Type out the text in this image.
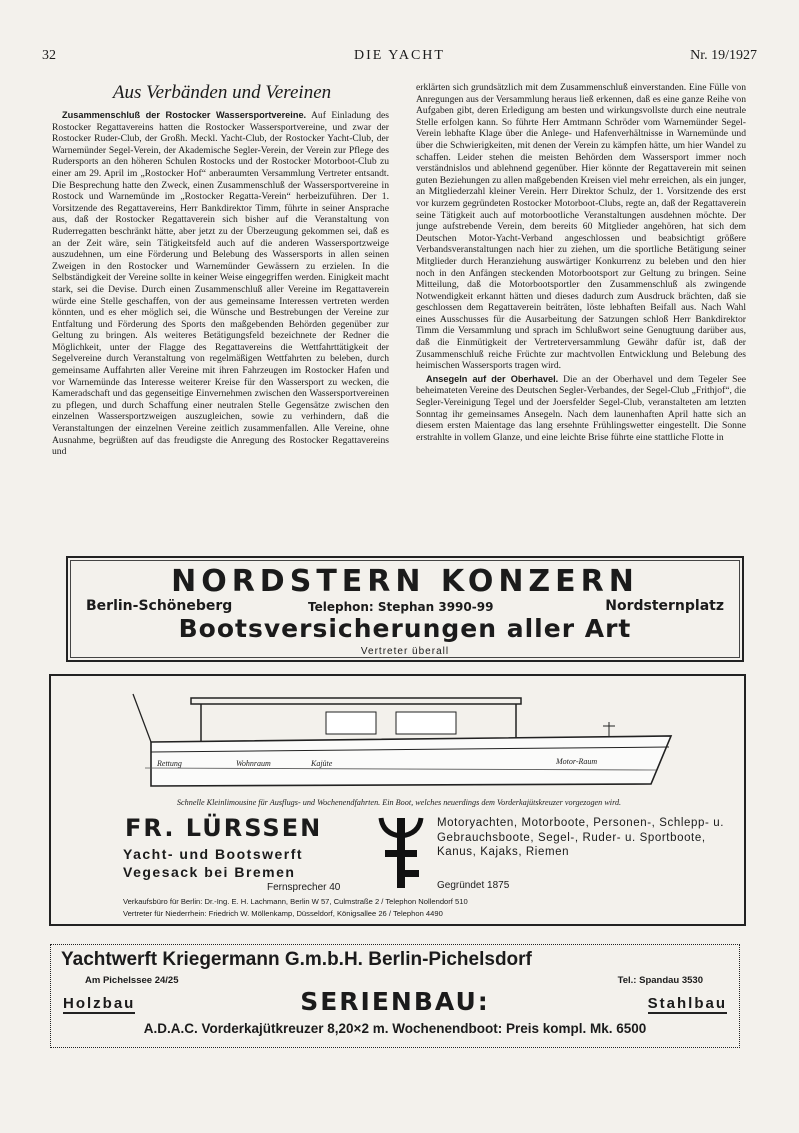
32	DIE YACHT	Nr. 19/1927
Aus Verbänden und Vereinen

Zusammenschluß der Rostocker Wassersportvereine. Auf Einladung des Rostocker Regattavereins hatten die Rostocker Wassersportvereine, und zwar der Rostocker Ruder-Club, der Großh. Meckl. Yacht-Club, der Rostocker Yacht-Club, der Warnemünder Segel-Verein, der Akademische Segler-Verein, der Verein zur Pflege des Rudersports an den höheren Schulen Rostocks und der Rostocker Motorboot-Club zu einer am 29. April im „Rostocker Hof“ anberaumten Versammlung Vertreter entsandt. Die Besprechung hatte den Zweck, einen Zusammenschluß der Wassersportvereine in Rostock und Warnemünde im „Rostocker Regatta-Verein“ herbeizuführen. Der 1. Vorsitzende des Regattavereins, Herr Bankdirektor Timm, führte in seiner Ansprache aus, daß der Rostocker Regattaverein sich bisher auf die Veranstaltung von Ruderregatten beschränkt hätte, aber jetzt zu der Überzeugung gekommen sei, daß es an der Zeit wäre, sein Tätigkeitsfeld auch auf die anderen Wassersportzweige auszudehnen, um eine Förderung und Belebung des Wassersports in allen seinen Zweigen in den Rostocker und Warnemünder Gewässern zu erzielen. In die Selbständigkeit der Vereine sollte in keiner Weise eingegriffen werden. Einigkeit macht stark, sei die Devise. Durch einen Zusammenschluß aller Vereine im Regattaverein würde eine Stelle geschaffen, von der aus gemeinsame Interessen vertreten werden könnten, und es eher möglich sei, die Wünsche und Bestrebungen der Vereine zur Entfaltung und Förderung des Sports den maßgebenden Behörden gegenüber zur Geltung zu bringen. Als weiteres Betätigungsfeld bezeichnete der Redner die Möglichkeit, unter der Flagge des Regattavereins die Wettfahrttätigkeit der Segelvereine durch Veranstaltung von regelmäßigen Wettfahrten zu beleben, durch gemeinsame Auffahrten aller Vereine mit ihren Fahrzeugen im Rostocker Hafen und vor Warnemünde das Interesse weiterer Kreise für den Wassersport zu wecken, die Kameradschaft und das gegenseitige Einvernehmen zwischen den Wassersportvereinen zu pflegen, und durch Schaffung einer neutralen Stelle Gegensätze zwischen den einzelnen Wassersportzweigen auszugleichen, sowie zu verhindern, daß die Veranstaltungen der einzelnen Vereine zeitlich zusammenfallen. Alle Vereine, ohne Ausnahme, begrüßten auf das freudigste die Anregung des Rostocker Regattavereins und

erklärten sich grundsätzlich mit dem Zusammenschluß einverstanden. Eine Fülle von Anregungen aus der Versammlung heraus ließ erkennen, daß es eine ganze Reihe von Aufgaben gibt, deren Erledigung am besten und wirkungsvollste durch eine neutrale Stelle erfolgen kann. So führte Herr Amtmann Schröder vom Warnemünder Segel-Verein lebhafte Klage über die Anlege- und Hafenverhältnisse in Warnemünde und über die Schwierigkeiten, mit denen der Verein zu kämpfen hätte, um hier Wandel zu schaffen. Leider stehen die meisten Behörden dem Wassersport immer noch verständnislos und ablehnend gegenüber. Hier könnte der Regattaverein mit seinen guten Beziehungen zu allen maßgebenden Kreisen viel mehr erreichen, als ein junger, an Mitgliederzahl kleiner Verein. Herr Direktor Schulz, der 1. Vorsitzende des erst vor kurzem gegründeten Rostocker Motorboot-Clubs, regte an, daß der Regattaverein seine Tätigkeit auch auf motorbootliche Veranstaltungen ausdehnen möchte. Der junge aufstrebende Verein, dem bereits 60 Mitglieder angehören, hat sich dem Deutschen Motor-Yacht-Verband angeschlossen und beabsichtigt größere Verbandsveranstaltungen nach hier zu ziehen, um die sportliche Betätigung seiner Mitglieder durch Heranziehung auswärtiger Konkurrenz zu beleben und den hier noch in den Anfängen steckenden Motorbootsport zur Geltung zu bringen. Seine Mitteilung, daß die Motorbootsportler den Zusammenschluß als zwingende Notwendigkeit erkannt hätten und dieses dadurch zum Ausdruck brächten, daß sie geschlossen dem Regattaverein beiträten, löste lebhaften Beifall aus. Nach Wahl eines Ausschusses für die Ausarbeitung der Satzungen schloß Herr Bankdirektor Timm die Versammlung und sprach im Schlußwort seine Genugtuung darüber aus, daß die Einmütigkeit der Vertreterversammlung Gewähr dafür ist, daß der Zusammenschluß reiche Früchte zur machtvollen Entwicklung und Belebung des heimischen Wassersports tragen wird.

Ansegeln auf der Oberhavel. Die an der Oberhavel und dem Tegeler See beheimateten Vereine des Deutschen Segler-Verbandes, der Segel-Club „Frithjof“, die Segler-Vereinigung Tegel und der Joersfelder Segel-Club, veranstalteten am letzten Sonntag ihr gemeinsames Ansegeln. Nach dem launenhaften April hatte sich an diesem ersten Maientage das lang ersehnte Frühlingswetter eingestellt. Die Sonne erstrahlte in vollem Glanze, und eine leichte Brise führte eine stattliche Flotte in

NORDSTERN KONZERN
Berlin-Schöneberg	Telephon: Stephan 3990-99	Nordsternplatz
Bootsversicherungen aller Art
Vertreter überall
Rettung	Wohnraum	Kajüte	Motor-Raum
Schnelle Kleinlimousine für Ausflugs- und Wochenendfahrten. Ein Boot, welches neuerdings dem Vorderkajütskreuzer vorgezogen wird.
FR. LÜRSSEN
Yacht- und Bootswerft
Vegesack bei Bremen
Fernsprecher 40
Motoryachten, Motorboote, Personen-, Schlepp- u. Gebrauchsboote, Segel-, Ruder- u. Sportboote, Kanus, Kajaks, Riemen
Gegründet 1875
Verkaufsbüro für Berlin: Dr.-Ing. E. H. Lachmann, Berlin W 57, Culmstraße 2 / Telephon Nollendorf 510
Vertreter für Niederrhein: Friedrich W. Möllenkamp, Düsseldorf, Königsallee 26 / Telephon 4490
Yachtwerft Kriegermann G.m.b.H. Berlin-Pichelsdorf
Am Pichelssee 24/25	Tel.: Spandau 3530
Holzbau	SERIENBAU:	Stahlbau
A.D.A.C. Vorderkajütkreuzer 8,20×2 m. Wochenendboot: Preis kompl. Mk. 6500
